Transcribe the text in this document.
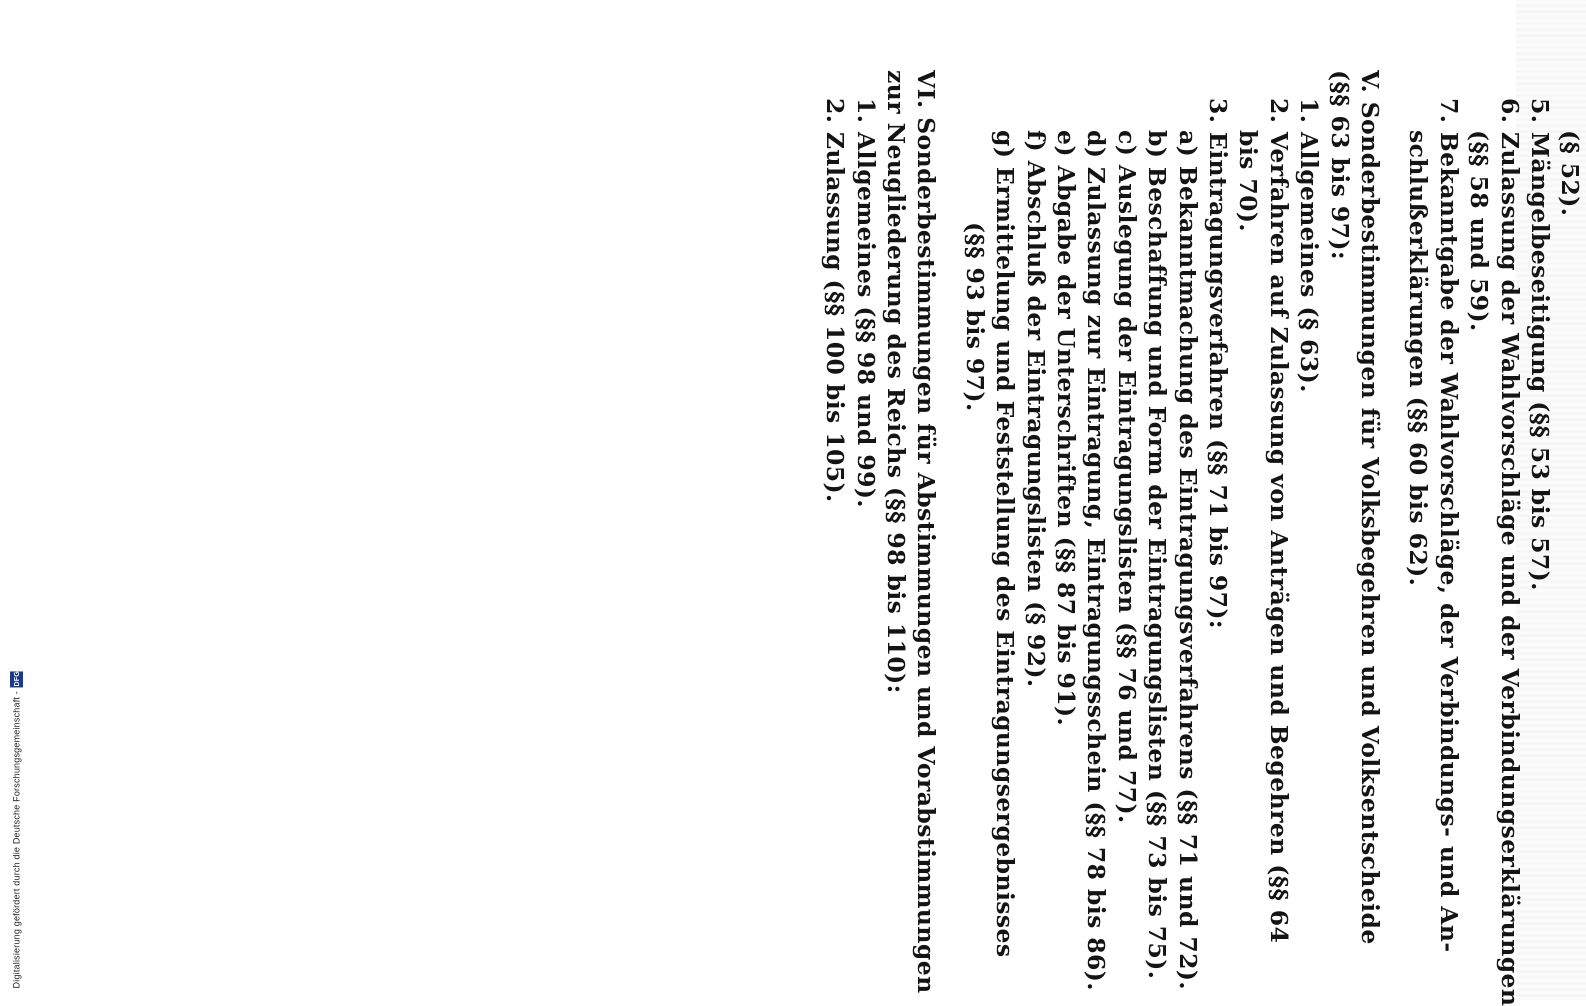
Digitalisierung gefördert durch die Deutsche Forschungsgemeinschaft -
DFG
(§ 52).
5. Mängelbeseitigung (§§ 53 bis 57).
6. Zulassung der Wahlvorschläge und der Verbindungserklärungen
(§§ 58 und 59).
7. Bekanntgabe der Wahlvorschläge, der Verbindungs- und An-
schlußerklärungen (§§ 60 bis 62).
V. Sonderbestimmungen für Volksbegehren und Volksentscheide
(§§ 63 bis 97):
1. Allgemeines (§ 63).
2. Verfahren auf Zulassung von Anträgen und Begehren (§§ 64
bis 70).
3. Eintragungsverfahren (§§ 71 bis 97):
a) Bekanntmachung des Eintragungsverfahrens (§§ 71 und 72).
b) Beschaffung und Form der Eintragungslisten (§§ 73 bis 75).
c) Auslegung der Eintragungslisten (§§ 76 und 77).
d) Zulassung zur Eintragung, Eintragungsschein (§§ 78 bis 86).
e) Abgabe der Unterschriften (§§ 87 bis 91).
f) Abschluß der Eintragungslisten (§ 92).
g) Ermittelung und Feststellung des Eintragungsergebnisses
(§§ 93 bis 97).
VI. Sonderbestimmungen für Abstimmungen und Vorabstimmungen
zur Neugliederung des Reichs (§§ 98 bis 110):
1. Allgemeines (§§ 98 und 99).
2. Zulassung (§§ 100 bis 105).
